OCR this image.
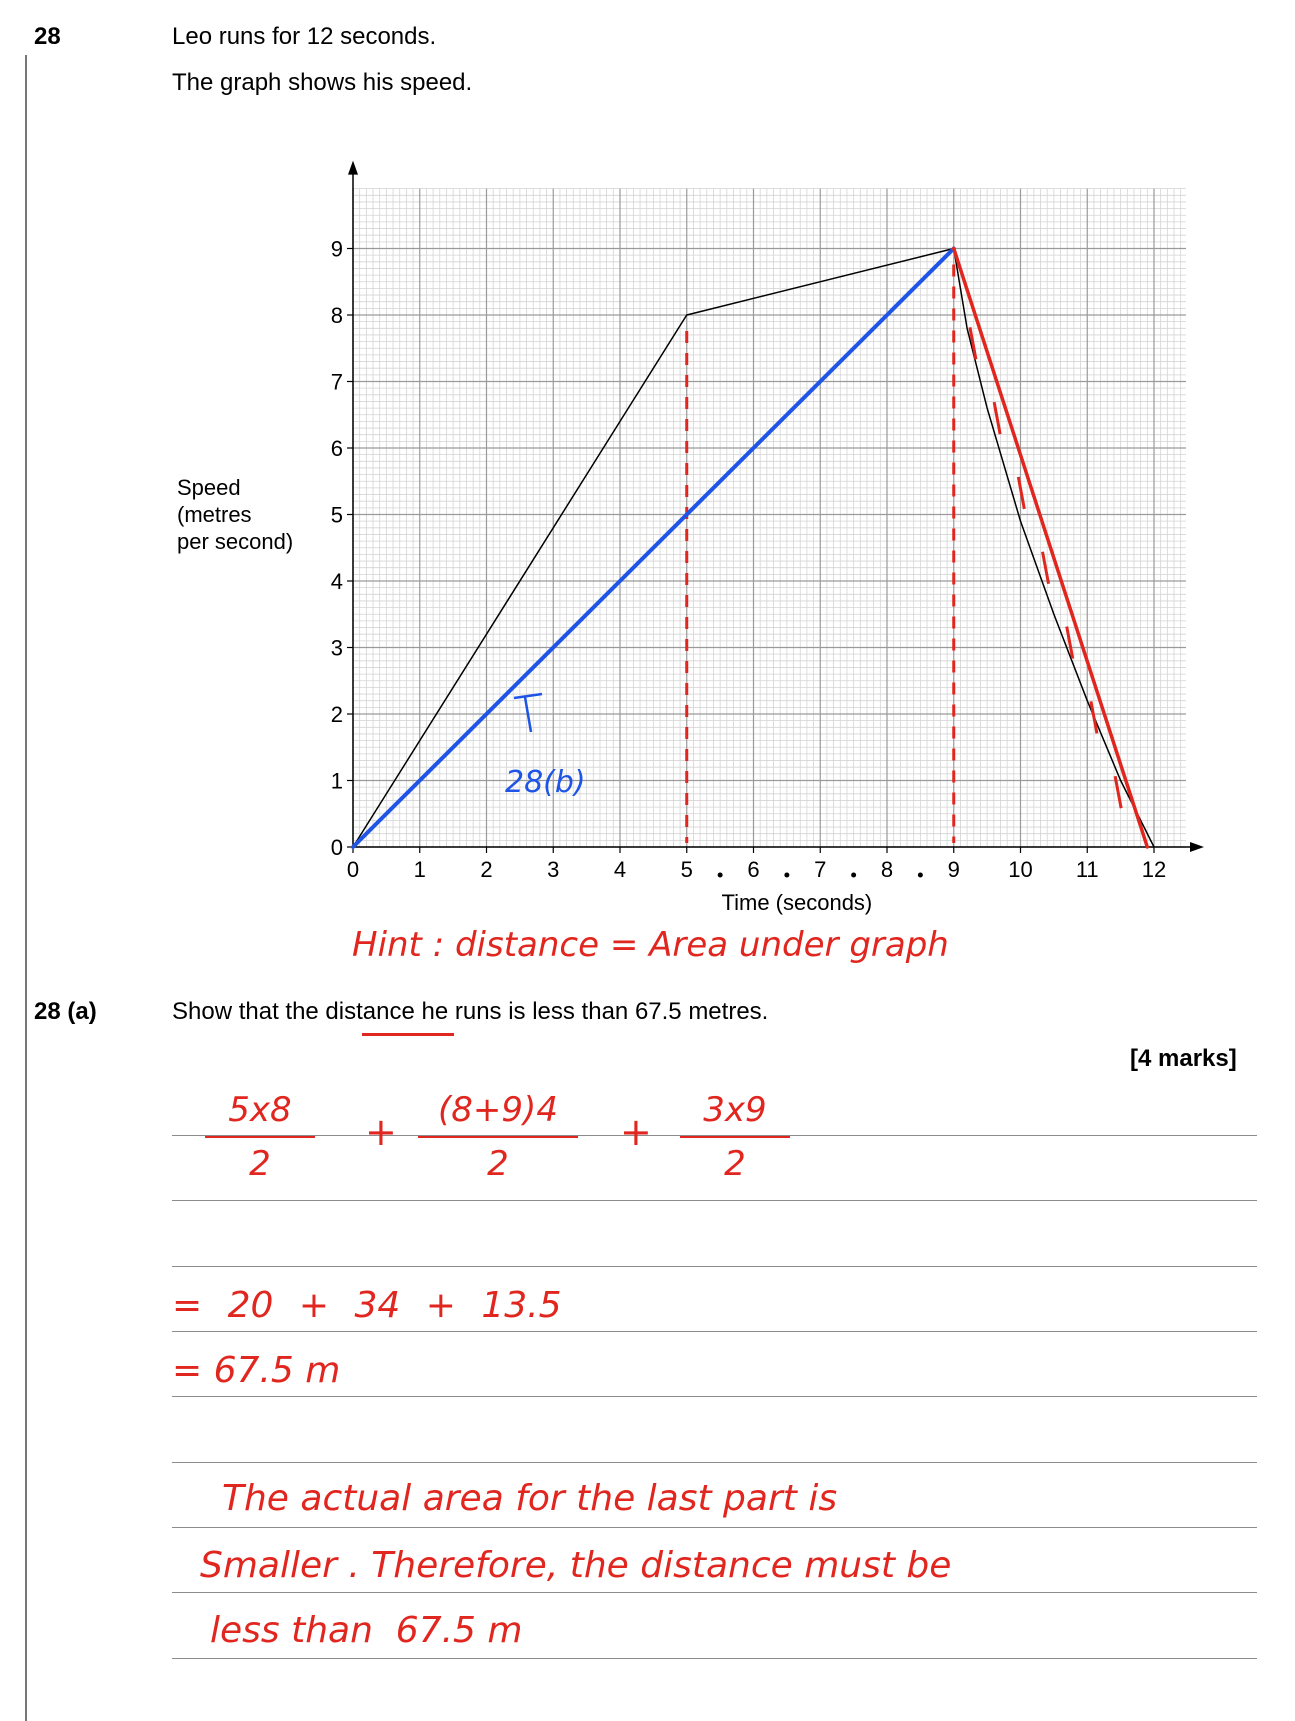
28	Leo runs for 12 seconds.
The graph shows his speed.
0 1 2 3 4 5 6 7 8 9 10 11 12
0
1
2
3
4
5
6
7
8
9
28(b)
Time (seconds)
Speed
(metres
per second)
Hint : distance = Area under graph
28 (a)	Show that the distance he runs is less than 67.5 metres.
[4 marks]
5x8
2
+	(8+9)4
2
+	3x9
2
= 20 + 34 + 13.5
= 67.5 m
The actual area for the last part is
Smaller . Therefore, the distance must be
less than  67.5 m
